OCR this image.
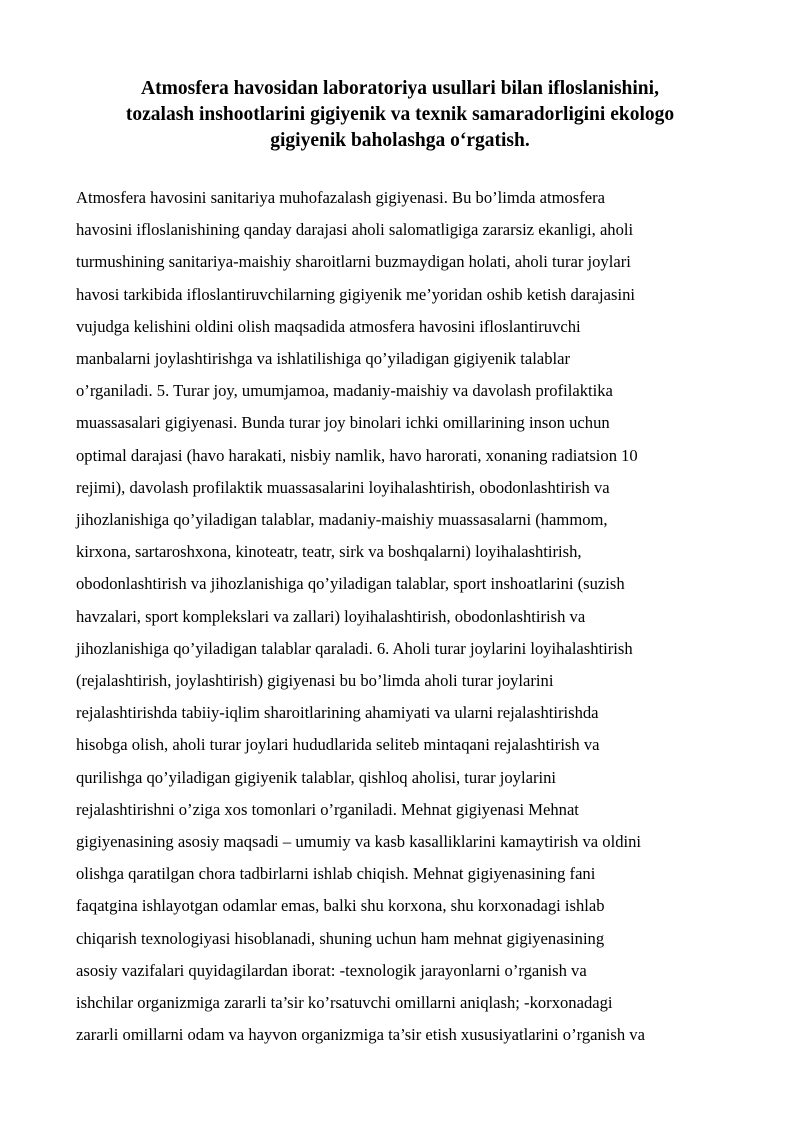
Atmosfera havosidan laboratoriya usullari bilan ifloslanishini,
tozalash inshootlarini gigiyenik va texnik samaradorligini ekologo
gigiyenik baholashga o‘rgatish.
Atmosfera havosini sanitariya muhofazalash gigiyenasi. Bu bo’limda atmosfera
havosini ifloslanishining qanday darajasi aholi salomatligiga zararsiz ekanligi, aholi
turmushining sanitariya-maishiy sharoitlarni buzmaydigan holati, aholi turar joylari
havosi tarkibida ifloslantiruvchilarning gigiyenik me’yoridan oshib ketish darajasini
vujudga kelishini oldini olish maqsadida atmosfera havosini ifloslantiruvchi
manbalarni joylashtirishga va ishlatilishiga qo’yiladigan gigiyenik talablar
o’rganiladi. 5. Turar joy, umumjamoa, madaniy-maishiy va davolash profilaktika
muassasalari gigiyenasi. Bunda turar joy binolari ichki omillarining inson uchun
optimal darajasi (havo harakati, nisbiy namlik, havo harorati, xonaning radiatsion 10
rejimi), davolash profilaktik muassasalarini loyihalashtirish, obodonlashtirish va
jihozlanishiga qo’yiladigan talablar, madaniy-maishiy muassasalarni (hammom,
kirxona, sartaroshxona, kinoteatr, teatr, sirk va boshqalarni) loyihalashtirish,
obodonlashtirish va jihozlanishiga qo’yiladigan talablar, sport inshoatlarini (suzish
havzalari, sport komplekslari va zallari) loyihalashtirish, obodonlashtirish va
jihozlanishiga qo’yiladigan talablar qaraladi. 6. Aholi turar joylarini loyihalashtirish
(rejalashtirish, joylashtirish) gigiyenasi bu bo’limda aholi turar joylarini
rejalashtirishda tabiiy-iqlim sharoitlarining ahamiyati va ularni rejalashtirishda
hisobga olish, aholi turar joylari hududlarida seliteb mintaqani rejalashtirish va
qurilishga qo’yiladigan gigiyenik talablar, qishloq aholisi, turar joylarini
rejalashtirishni o’ziga xos tomonlari o’rganiladi. Mehnat gigiyenasi Mehnat
gigiyenasining asosiy maqsadi – umumiy va kasb kasalliklarini kamaytirish va oldini
olishga qaratilgan chora tadbirlarni ishlab chiqish. Mehnat gigiyenasining fani
faqatgina ishlayotgan odamlar emas, balki shu korxona, shu korxonadagi ishlab
chiqarish texnologiyasi hisoblanadi, shuning uchun ham mehnat gigiyenasining
asosiy vazifalari quyidagilardan iborat: -texnologik jarayonlarni o’rganish va
ishchilar organizmiga zararli ta’sir ko’rsatuvchi omillarni aniqlash; -korxonadagi
zararli omillarni odam va hayvon organizmiga ta’sir etish xususiyatlarini o’rganish va
